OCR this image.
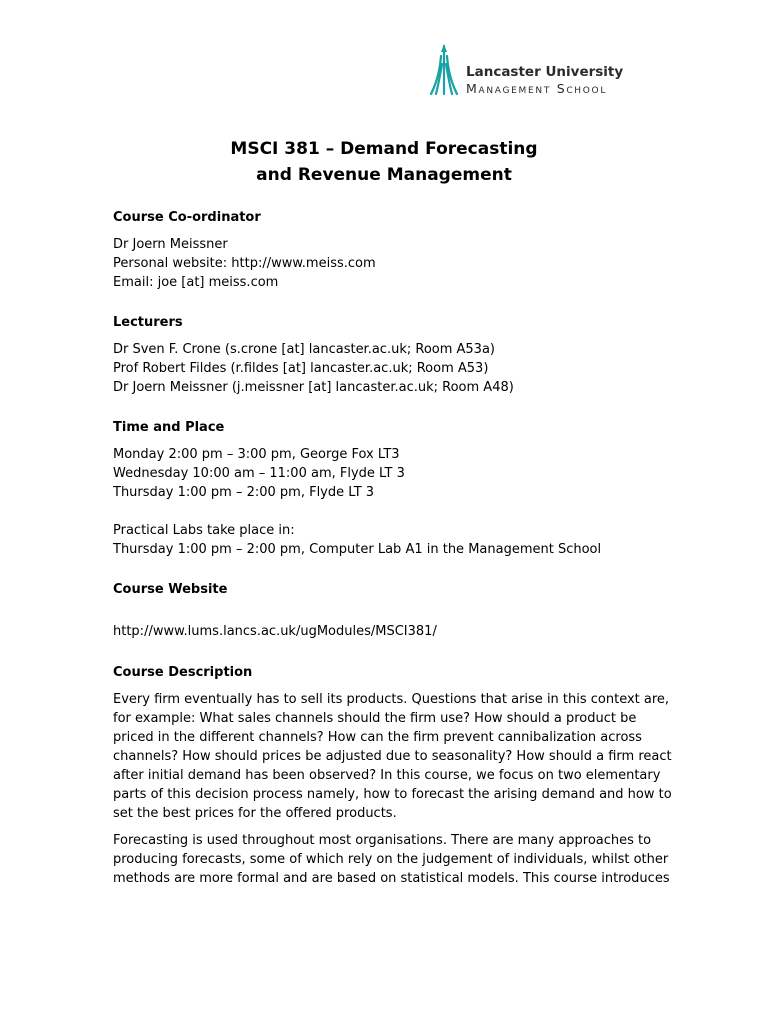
Lancaster University
Management School
MSCI 381 – Demand Forecasting
and Revenue Management
Course Co-ordinator
Dr Joern Meissner
Personal website: http://www.meiss.com
Email: joe [at] meiss.com
Lecturers
Dr Sven F. Crone (s.crone [at] lancaster.ac.uk; Room A53a)
Prof Robert Fildes (r.fildes [at] lancaster.ac.uk; Room A53)
Dr Joern Meissner (j.meissner [at] lancaster.ac.uk; Room A48)
Time and Place
Monday 2:00 pm – 3:00 pm, George Fox LT3
Wednesday 10:00 am – 11:00 am, Flyde LT 3
Thursday 1:00 pm – 2:00 pm, Flyde LT 3
Practical Labs take place in:
Thursday 1:00 pm – 2:00 pm, Computer Lab A1 in the Management School
Course Website
http://www.lums.lancs.ac.uk/ugModules/MSCI381/
Course Description
Every firm eventually has to sell its products. Questions that arise in this context are,
for example: What sales channels should the firm use? How should a product be
priced in the different channels? How can the firm prevent cannibalization across
channels? How should prices be adjusted due to seasonality? How should a firm react
after initial demand has been observed? In this course, we focus on two elementary
parts of this decision process namely, how to forecast the arising demand and how to
set the best prices for the offered products.
Forecasting is used throughout most organisations. There are many approaches to
producing forecasts, some of which rely on the judgement of individuals, whilst other
methods are more formal and are based on statistical models. This course introduces
